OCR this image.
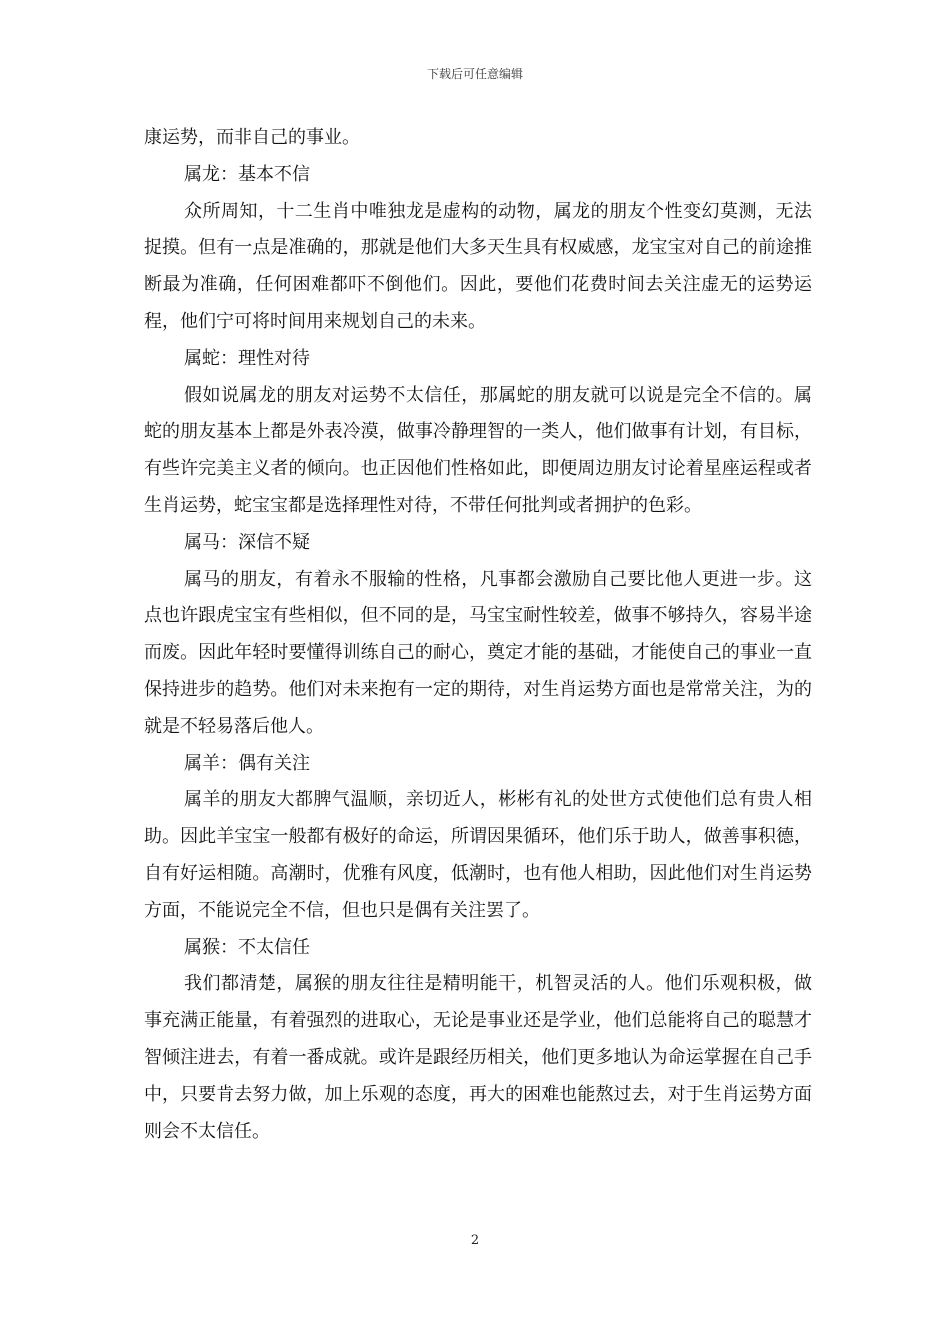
下载后可任意编辑

康运势，而非自己的事业。

属龙：基本不信

众所周知，十二生肖中唯独龙是虚构的动物，属龙的朋友个性变幻莫测，无法捉摸。但有一点是准确的，那就是他们大多天生具有权威感，龙宝宝对自己的前途推断最为准确，任何困难都吓不倒他们。因此，要他们花费时间去关注虚无的运势运程，他们宁可将时间用来规划自己的未来。

属蛇：理性对待

假如说属龙的朋友对运势不太信任，那属蛇的朋友就可以说是完全不信的。属蛇的朋友基本上都是外表冷漠，做事冷静理智的一类人，他们做事有计划，有目标，有些许完美主义者的倾向。也正因他们性格如此，即便周边朋友讨论着星座运程或者生肖运势，蛇宝宝都是选择理性对待，不带任何批判或者拥护的色彩。

属马：深信不疑

属马的朋友，有着永不服输的性格，凡事都会激励自己要比他人更进一步。这点也许跟虎宝宝有些相似，但不同的是，马宝宝耐性较差，做事不够持久，容易半途而废。因此年轻时要懂得训练自己的耐心，奠定才能的基础，才能使自己的事业一直保持进步的趋势。他们对未来抱有一定的期待，对生肖运势方面也是常常关注，为的就是不轻易落后他人。

属羊：偶有关注

属羊的朋友大都脾气温顺，亲切近人，彬彬有礼的处世方式使他们总有贵人相助。因此羊宝宝一般都有极好的命运，所谓因果循环，他们乐于助人，做善事积德，自有好运相随。高潮时，优雅有风度，低潮时，也有他人相助，因此他们对生肖运势方面，不能说完全不信，但也只是偶有关注罢了。

属猴：不太信任

我们都清楚，属猴的朋友往往是精明能干，机智灵活的人。他们乐观积极，做事充满正能量，有着强烈的进取心，无论是事业还是学业，他们总能将自己的聪慧才智倾注进去，有着一番成就。或许是跟经历相关，他们更多地认为命运掌握在自己手中，只要肯去努力做，加上乐观的态度，再大的困难也能熬过去，对于生肖运势方面则会不太信任。

2
